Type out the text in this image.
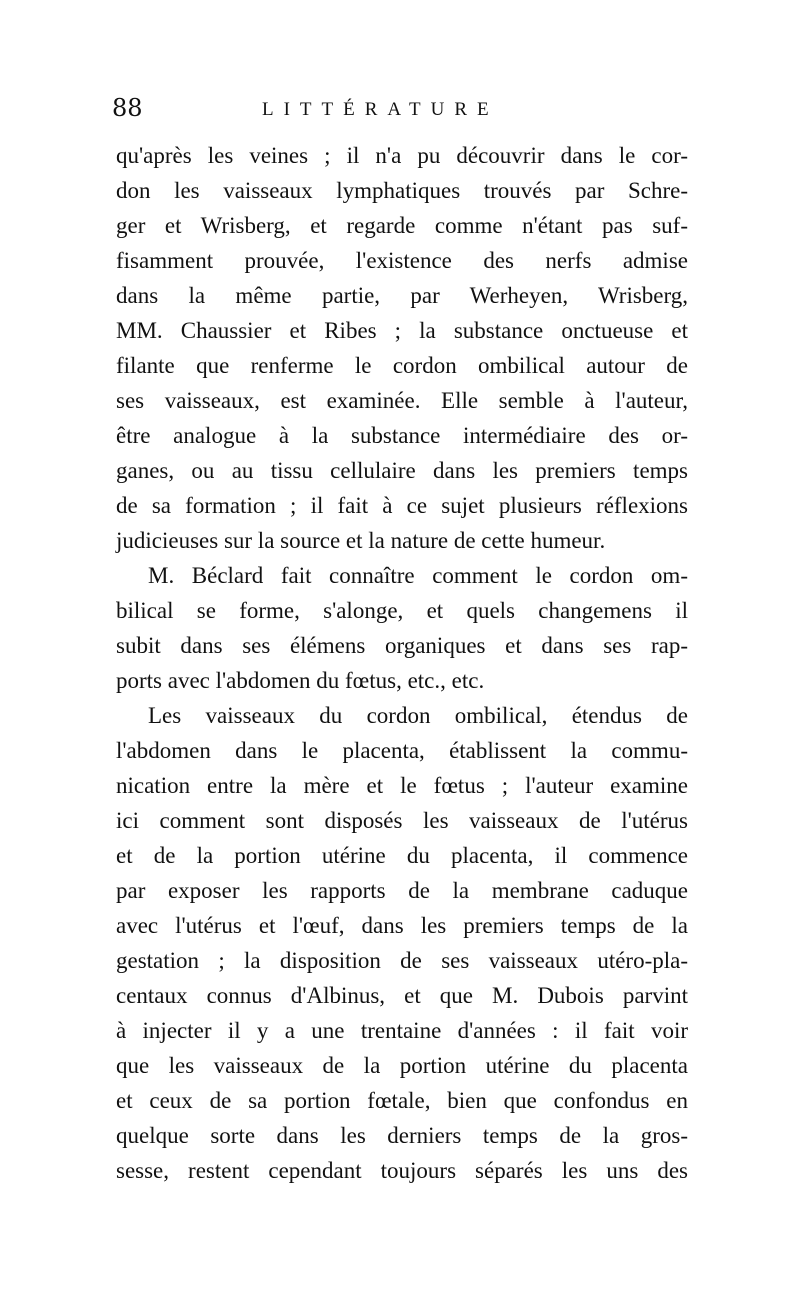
88	LITTÉRATURE
qu'après les veines ; il n'a pu découvrir dans le cor-
don les vaisseaux lymphatiques trouvés par Schre-
ger et Wrisberg, et regarde comme n'étant pas suf-
fisamment prouvée, l'existence des nerfs admise
dans la même partie, par Werheyen, Wrisberg,
MM. Chaussier et Ribes ; la substance onctueuse et
filante que renferme le cordon ombilical autour de
ses vaisseaux, est examinée. Elle semble à l'auteur,
être analogue à la substance intermédiaire des or-
ganes, ou au tissu cellulaire dans les premiers temps
de sa formation ; il fait à ce sujet plusieurs réflexions
judicieuses sur la source et la nature de cette humeur.
M. Béclard fait connaître comment le cordon om-
bilical se forme, s'alonge, et quels changemens il
subit dans ses élémens organiques et dans ses rap-
ports avec l'abdomen du fœtus, etc., etc.
Les vaisseaux du cordon ombilical, étendus de
l'abdomen dans le placenta, établissent la commu-
nication entre la mère et le fœtus ; l'auteur examine
ici comment sont disposés les vaisseaux de l'utérus
et de la portion utérine du placenta, il commence
par exposer les rapports de la membrane caduque
avec l'utérus et l'œuf, dans les premiers temps de la
gestation ; la disposition de ses vaisseaux utéro-pla-
centaux connus d'Albinus, et que M. Dubois parvint
à injecter il y a une trentaine d'années : il fait voir
que les vaisseaux de la portion utérine du placenta
et ceux de sa portion fœtale, bien que confondus en
quelque sorte dans les derniers temps de la gros-
sesse, restent cependant toujours séparés les uns des
